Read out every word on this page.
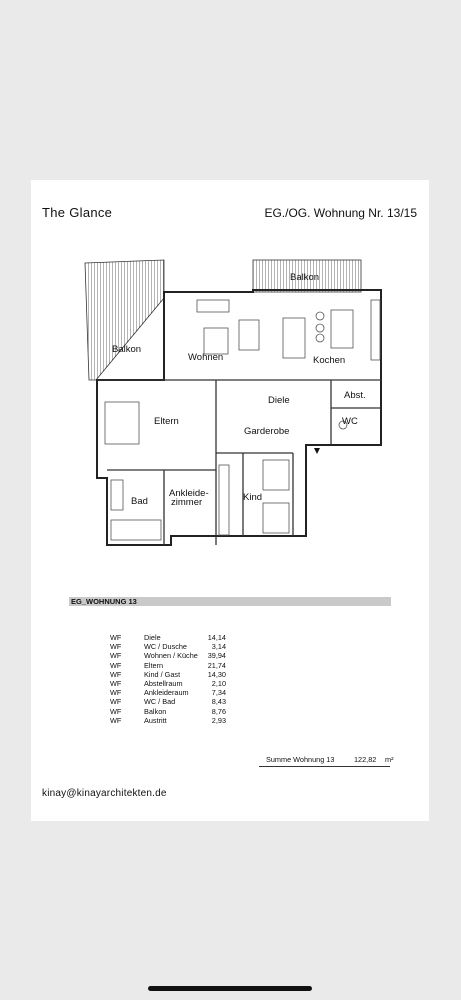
The Glance	EG./OG. Wohnung Nr. 13/15
Balkon
Balkon
Wohnen	Kochen
Diele	Abst.
Eltern
Garderobe
WC
Bad
Ankleide-
zimmer	Kind
EG_WOHNUNG 13
WF	Diele	14,14
WF	WC / Dusche	3,14
WF	Wohnen / Küche	39,94
WF	Eltern	21,74
WF	Kind / Gast	14,30
WF	Abstellraum	2,10
WF	Ankleideraum	7,34
WF	WC / Bad	8,43
WF	Balkon	8,76
WF	Austritt	2,93
Summe Wohnung 13	122,82 m²
kinay@kinayarchitekten.de
